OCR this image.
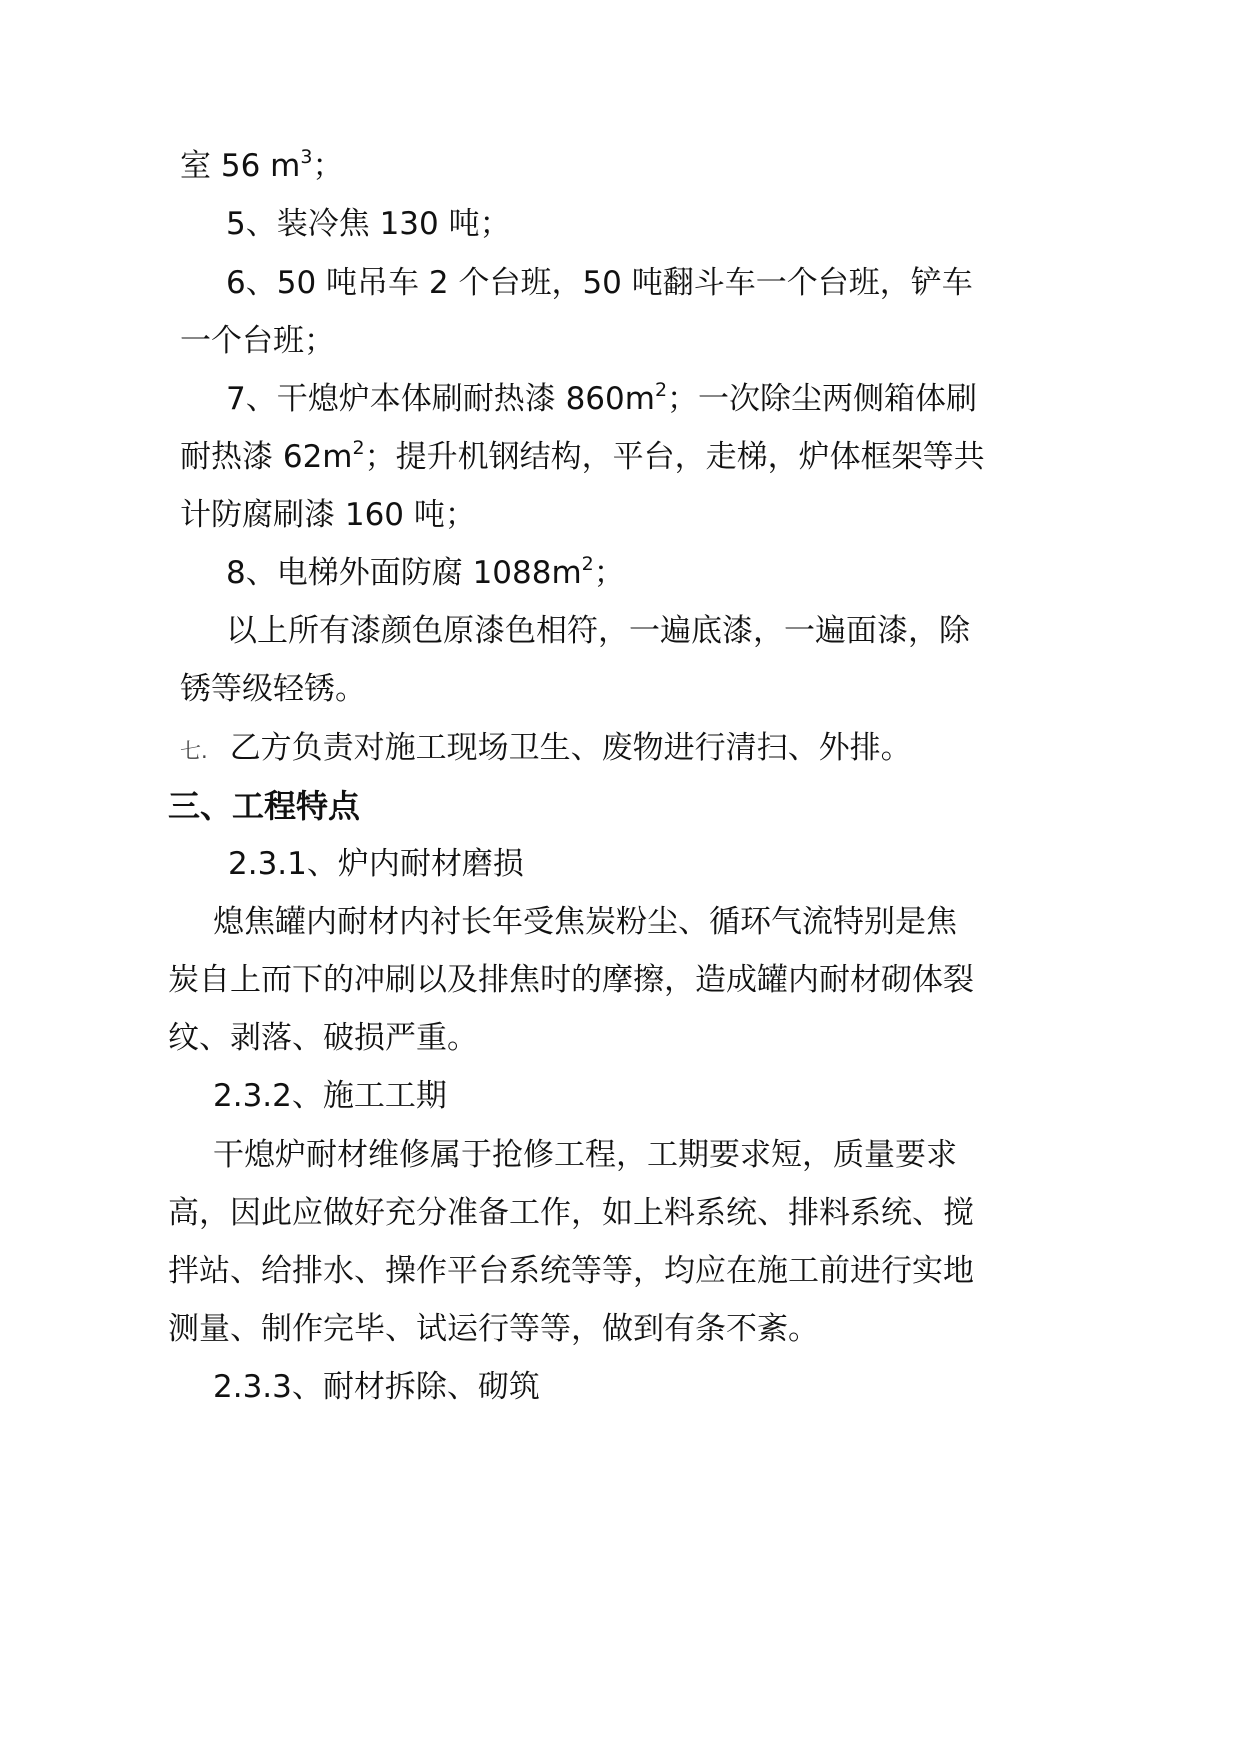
室 56 $m^3$；
5、装冷焦 130 吨；
6、50 吨吊车 2 个台班，50 吨翻斗车一个台班，铲车
一个台班；
7、干熄炉本体刷耐热漆 $860m^2$；一次除尘两侧箱体刷
耐热漆 $62m^2$；提升机钢结构，平台，走梯，炉体框架等共
计防腐刷漆 160 吨；
8、电梯外面防腐 $1088m^2$；
以上所有漆颜色原漆色相符，一遍底漆，一遍面漆，除
锈等级轻锈。
七. 乙方负责对施工现场卫生、废物进行清扫、外排。
三、工程特点
2.3.1、炉内耐材磨损
熄焦罐内耐材内衬长年受焦炭粉尘、循环气流特别是焦
炭自上而下的冲刷以及排焦时的摩擦，造成罐内耐材砌体裂
纹、剥落、破损严重。
2.3.2、施工工期
干熄炉耐材维修属于抢修工程，工期要求短，质量要求
高，因此应做好充分准备工作，如上料系统、排料系统、搅
拌站、给排水、操作平台系统等等，均应在施工前进行实地
测量、制作完毕、试运行等等，做到有条不紊。
2.3.3、耐材拆除、砌筑
